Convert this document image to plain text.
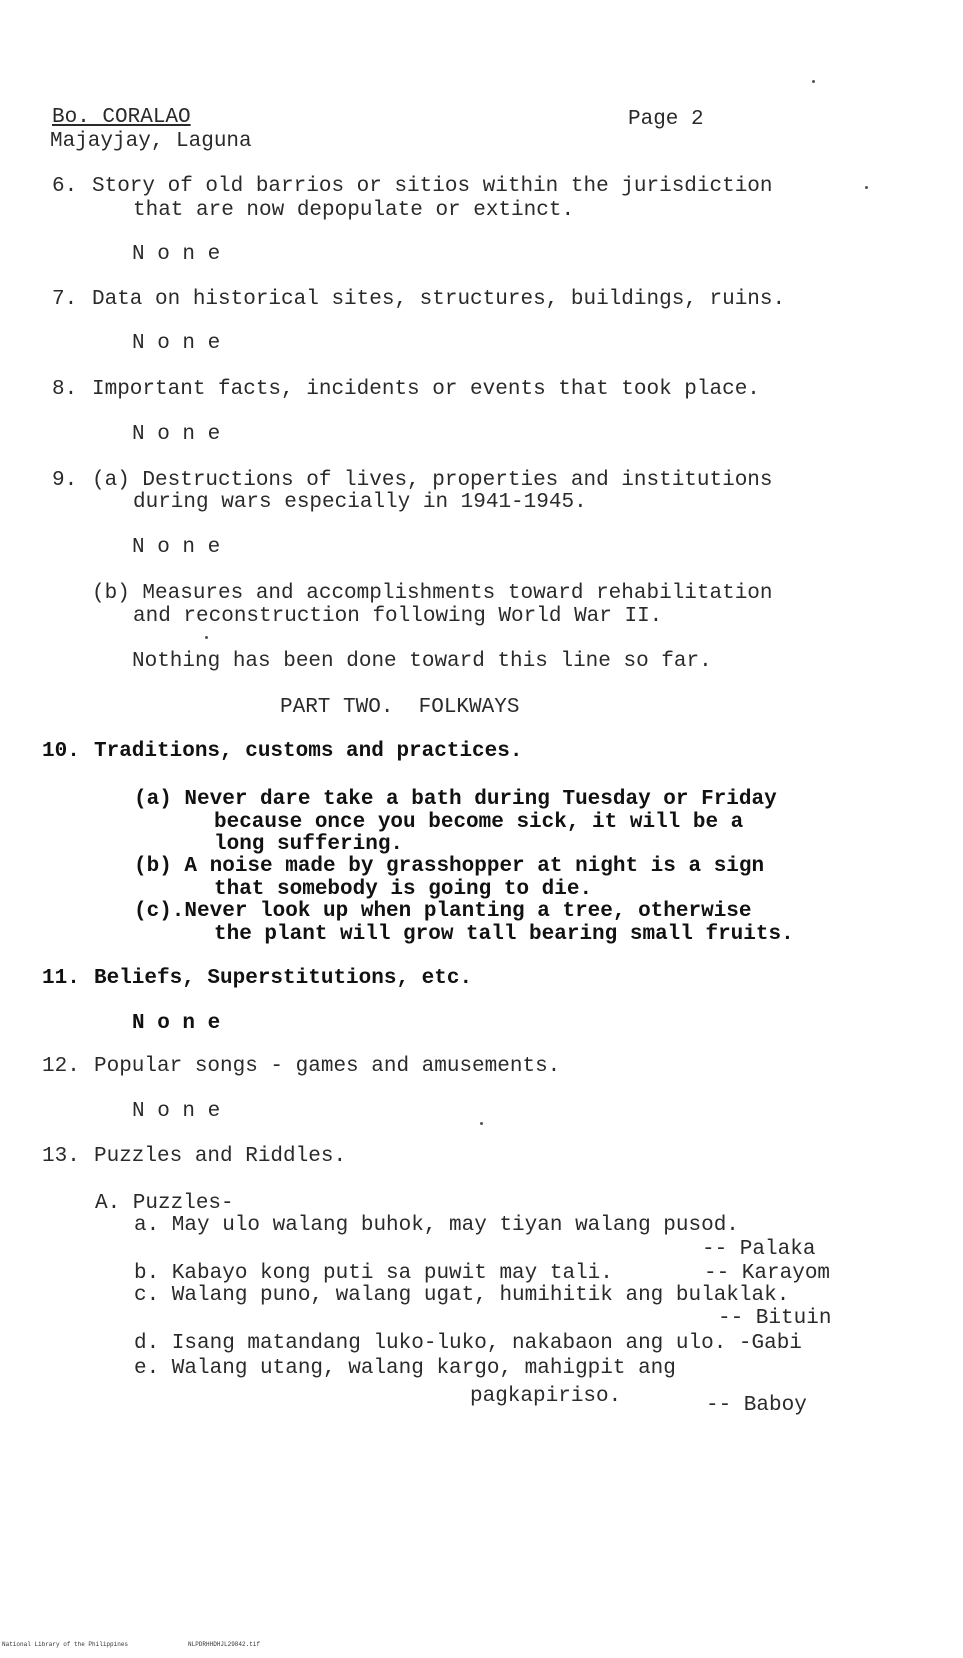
Bo. CORALAO
Majayjay, Laguna
Page 2
6. Story of old barrios or sitios within the jurisdiction
that are now depopulate or extinct.
N o n e
7. Data on historical sites, structures, buildings, ruins.
N o n e
8. Important facts, incidents or events that took place.
N o n e
9. (a) Destructions of lives, properties and institutions
during wars especially in 1941-1945.
N o n e
(b) Measures and accomplishments toward rehabilitation
and reconstruction following World War II.
Nothing has been done toward this line so far.
PART TWO.  FOLKWAYS
10. Traditions, customs and practices.
(a) Never dare take a bath during Tuesday or Friday
because once you become sick, it will be a
long suffering.
(b) A noise made by grasshopper at night is a sign
that somebody is going to die.
(c).Never look up when planting a tree, otherwise
the plant will grow tall bearing small fruits.
11. Beliefs, Superstitutions, etc.
N o n e
12. Popular songs - games and amusements.
N o n e
13. Puzzles and Riddles.
A. Puzzles-
a. May ulo walang buhok, may tiyan walang pusod.
-- Palaka
b. Kabayo kong puti sa puwit may tali.	-- Karayom
c. Walang puno, walang ugat, humihitik ang bulaklak.
-- Bituin
d. Isang matandang luko-luko, nakabaon ang ulo. -Gabi
e. Walang utang, walang kargo, mahigpit ang
pagkapiriso.	-- Baboy
National Library of the Philippines	NLPDRHHDHJL29842.tif
